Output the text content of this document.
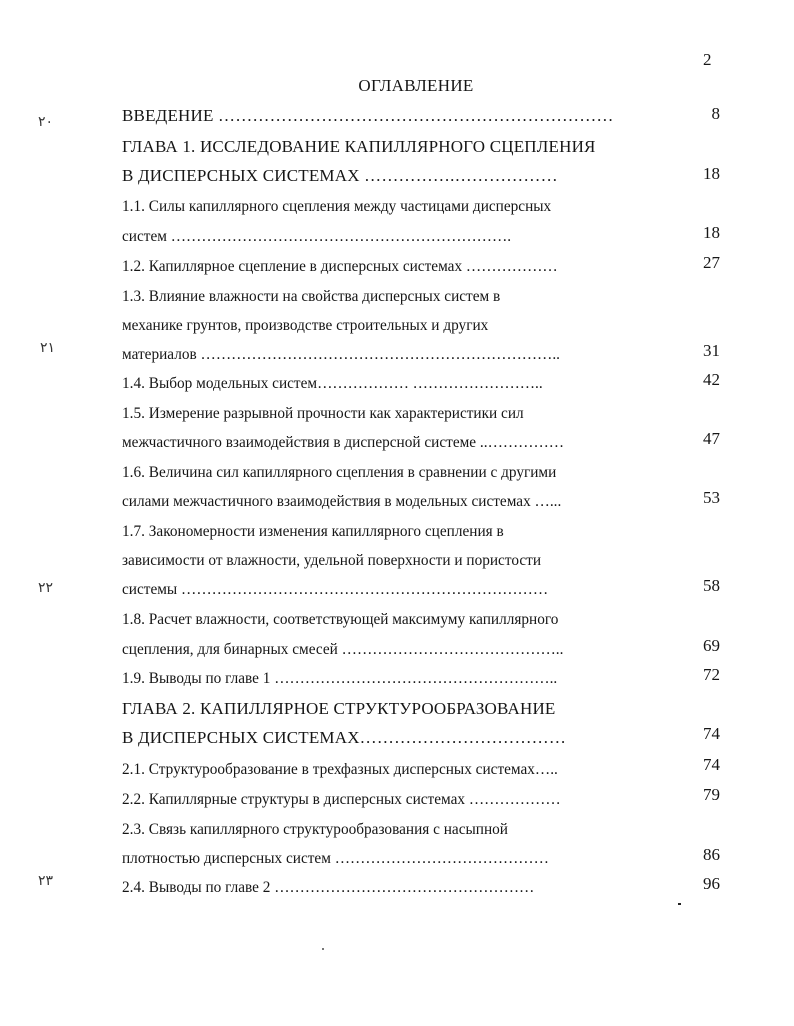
2
ОГЛАВЛЕНИЕ
ВВЕДЕНИЕ ……………………………………………………………	8
ГЛАВА 1. ИССЛЕДОВАНИЕ КАПИЛЛЯРНОГО СЦЕПЛЕНИЯ
В ДИСПЕРСНЫХ СИСТЕМАХ …………….………………	18
1.1. Силы капиллярного сцепления между частицами дисперсных
систем ………………………………………………………….	18
1.2. Капиллярное сцепление в дисперсных системах ………………	27
1.3. Влияние влажности на свойства дисперсных систем в
механике грунтов, производстве строительных и других
материалов ……………………………………………………………..	31
1.4. Выбор модельных систем……………… ……………………..	42
1.5. Измерение разрывной прочности как характеристики сил
межчастичного взаимодействия в дисперсной системе ..……………	47
1.6. Величина сил капиллярного сцепления в сравнении с другими
силами межчастичного взаимодействия в модельных системах …...	53
1.7. Закономерности изменения капиллярного сцепления в
зависимости от влажности, удельной поверхности и пористости
системы ………………………………………………………………	58
1.8. Расчет влажности, соответствующей максимуму капиллярного
сцепления, для бинарных смесей ……………………………………..	69
1.9. Выводы по главе 1 ………………………………………………..	72
ГЛАВА 2. КАПИЛЛЯРНОЕ СТРУКТУРООБРАЗОВАНИЕ
В ДИСПЕРСНЫХ СИСТЕМАХ………………………………	74
2.1. Структурообразование в трехфазных дисперсных системах…..	74
2.2. Капиллярные структуры в дисперсных системах ………………	79
2.3. Связь капиллярного структурообразования с насыпной
плотностью дисперсных систем ……………………………………	86
2.4. Выводы по главе 2 ……………………………………………	96
۲۰
۲۱
۲۲
۲۳
